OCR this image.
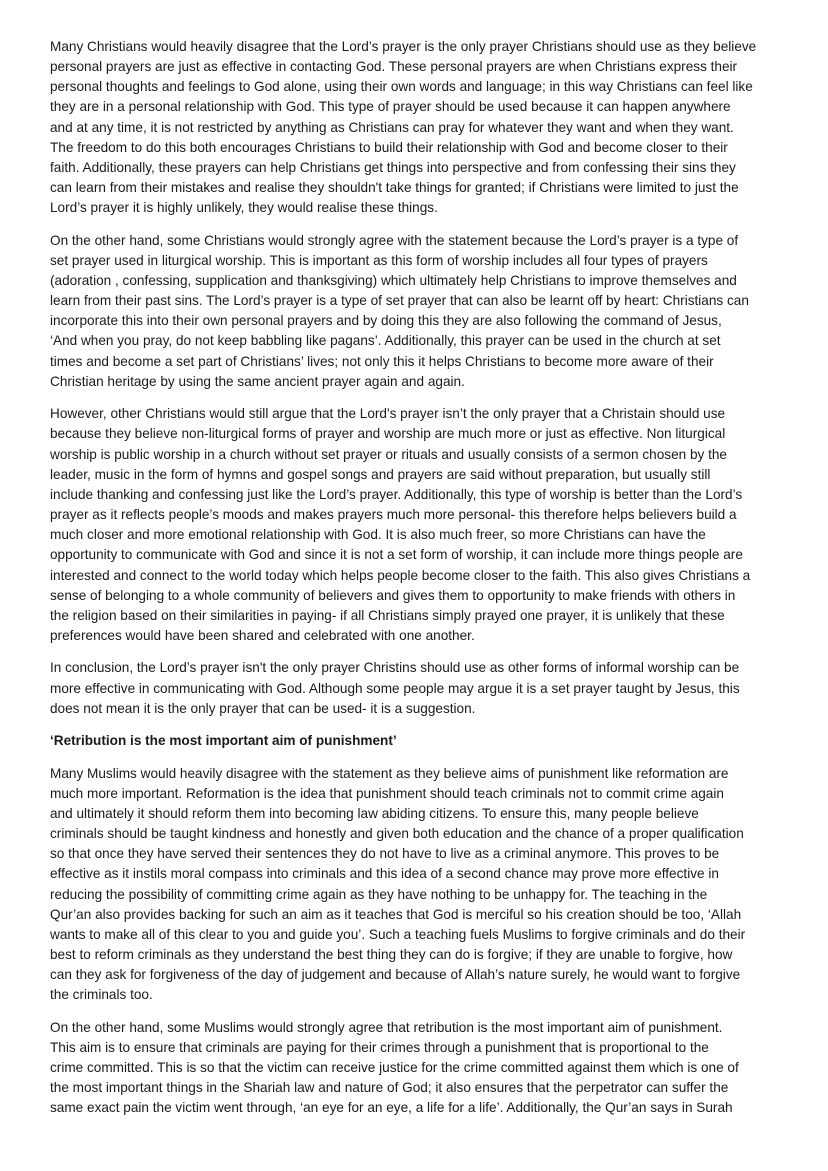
Many Christians would heavily disagree that the Lord’s prayer is the only prayer Christians should use as they believe
personal prayers are just as effective in contacting God. These personal prayers are when Christians express their
personal thoughts and feelings to God alone, using their own words and language; in this way Christians can feel like
they are in a personal relationship with God. This type of prayer should be used because it can happen anywhere
and at any time, it is not restricted by anything as Christians can pray for whatever they want and when they want.
The freedom to do this both encourages Christians to build their relationship with God and become closer to their
faith. Additionally, these prayers can help Christians get things into perspective and from confessing their sins they
can learn from their mistakes and realise they shouldn't take things for granted; if Christians were limited to just the
Lord’s prayer it is highly unlikely, they would realise these things.

On the other hand, some Christians would strongly agree with the statement because the Lord’s prayer is a type of
set prayer used in liturgical worship. This is important as this form of worship includes all four types of prayers
(adoration , confessing, supplication and thanksgiving) which ultimately help Christians to improve themselves and
learn from their past sins. The Lord’s prayer is a type of set prayer that can also be learnt off by heart: Christians can
incorporate this into their own personal prayers and by doing this they are also following the command of Jesus,
‘And when you pray, do not keep babbling like pagans’. Additionally, this prayer can be used in the church at set
times and become a set part of Christians’ lives; not only this it helps Christians to become more aware of their
Christian heritage by using the same ancient prayer again and again.

However, other Christians would still argue that the Lord's prayer isn’t the only prayer that a Christain should use
because they believe non-liturgical forms of prayer and worship are much more or just as effective. Non liturgical
worship is public worship in a church without set prayer or rituals and usually consists of a sermon chosen by the
leader, music in the form of hymns and gospel songs and prayers are said without preparation, but usually still
include thanking and confessing just like the Lord’s prayer. Additionally, this type of worship is better than the Lord’s
prayer as it reflects people’s moods and makes prayers much more personal- this therefore helps believers build a
much closer and more emotional relationship with God. It is also much freer, so more Christians can have the
opportunity to communicate with God and since it is not a set form of worship, it can include more things people are
interested and connect to the world today which helps people become closer to the faith. This also gives Christians a
sense of belonging to a whole community of believers and gives them to opportunity to make friends with others in
the religion based on their similarities in paying- if all Christians simply prayed one prayer, it is unlikely that these
preferences would have been shared and celebrated with one another.

In conclusion, the Lord’s prayer isn't the only prayer Christins should use as other forms of informal worship can be
more effective in communicating with God. Although some people may argue it is a set prayer taught by Jesus, this
does not mean it is the only prayer that can be used- it is a suggestion.

‘Retribution is the most important aim of punishment’

Many Muslims would heavily disagree with the statement as they believe aims of punishment like reformation are
much more important. Reformation is the idea that punishment should teach criminals not to commit crime again
and ultimately it should reform them into becoming law abiding citizens. To ensure this, many people believe
criminals should be taught kindness and honestly and given both education and the chance of a proper qualification
so that once they have served their sentences they do not have to live as a criminal anymore. This proves to be
effective as it instils moral compass into criminals and this idea of a second chance may prove more effective in
reducing the possibility of committing crime again as they have nothing to be unhappy for. The teaching in the
Qur’an also provides backing for such an aim as it teaches that God is merciful so his creation should be too, ‘Allah
wants to make all of this clear to you and guide you’. Such a teaching fuels Muslims to forgive criminals and do their
best to reform criminals as they understand the best thing they can do is forgive; if they are unable to forgive, how
can they ask for forgiveness of the day of judgement and because of Allah’s nature surely, he would want to forgive
the criminals too.

On the other hand, some Muslims would strongly agree that retribution is the most important aim of punishment.
This aim is to ensure that criminals are paying for their crimes through a punishment that is proportional to the
crime committed. This is so that the victim can receive justice for the crime committed against them which is one of
the most important things in the Shariah law and nature of God; it also ensures that the perpetrator can suffer the
same exact pain the victim went through, ‘an eye for an eye, a life for a life’. Additionally, the Qur’an says in Surah
